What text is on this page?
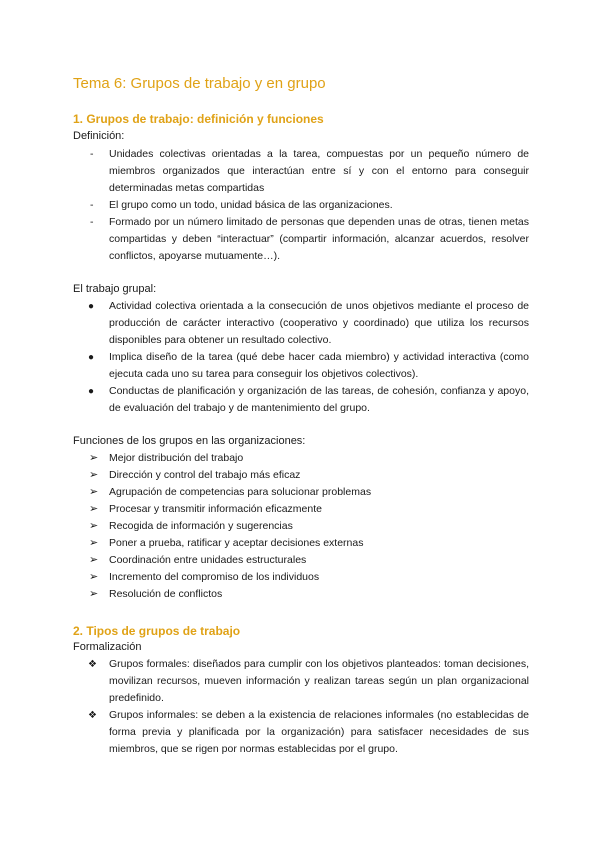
Tema 6: Grupos de trabajo y en grupo
1. Grupos de trabajo: definición y funciones

Definición:

-	Unidades colectivas orientadas a la tarea, compuestas por un pequeño número de miembros organizados que interactúan entre sí y con el entorno para conseguir determinadas metas compartidas
-	El grupo como un todo, unidad básica de las organizaciones.
-	Formado por un número limitado de personas que dependen unas de otras, tienen metas compartidas y deben “interactuar” (compartir información, alcanzar acuerdos, resolver conflictos, apoyarse mutuamente…).

El trabajo grupal:

●	Actividad colectiva orientada a la consecución de unos objetivos mediante el proceso de producción de carácter interactivo (cooperativo y coordinado) que utiliza los recursos disponibles para obtener un resultado colectivo.
●	Implica diseño de la tarea (qué debe hacer cada miembro) y actividad interactiva (como ejecuta cada uno su tarea para conseguir los objetivos colectivos).
●	Conductas de planificación y organización de las tareas, de cohesión, confianza y apoyo, de evaluación del trabajo y de mantenimiento del grupo.

Funciones de los grupos en las organizaciones:

➢	Mejor distribución del trabajo
➢	Dirección y control del trabajo más eficaz
➢	Agrupación de competencias para solucionar problemas
➢	Procesar y transmitir información eficazmente
➢	Recogida de información y sugerencias
➢	Poner a prueba, ratificar y aceptar decisiones externas
➢	Coordinación entre unidades estructurales
➢	Incremento del compromiso de los individuos
➢	Resolución de conflictos
2. Tipos de grupos de trabajo

Formalización

❖	Grupos formales: diseñados para cumplir con los objetivos planteados: toman decisiones, movilizan recursos, mueven información y realizan tareas según un plan organizacional predefinido.
❖	Grupos informales: se deben a la existencia de relaciones informales (no establecidas de forma previa y planificada por la organización) para satisfacer necesidades de sus miembros, que se rigen por normas establecidas por el grupo.
